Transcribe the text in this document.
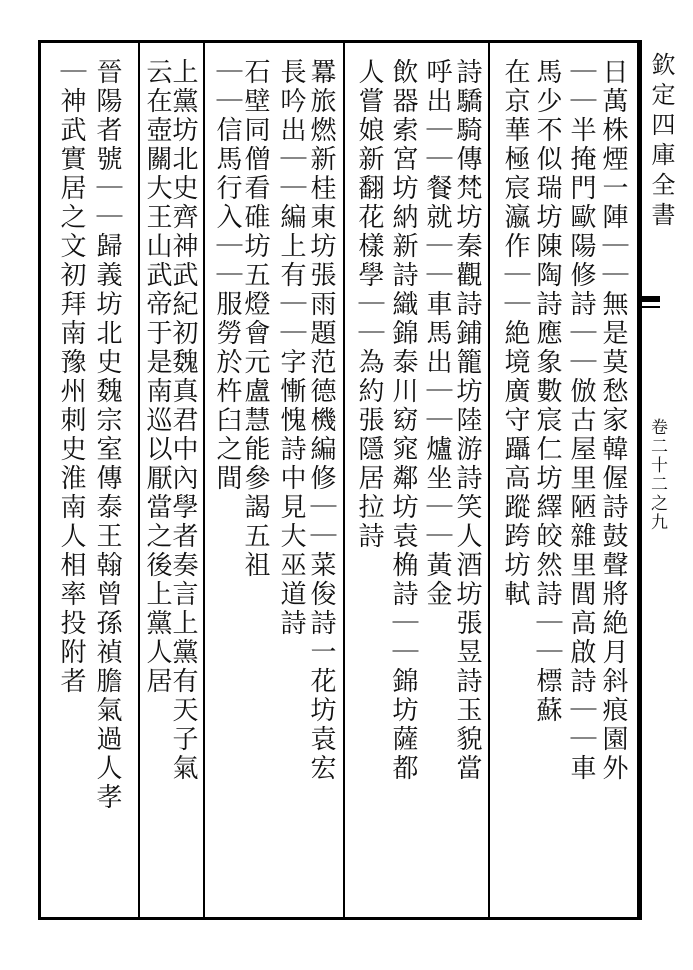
欽定四庫全書
卷二十二之九
日萬株煙一陣｜｜無是莫愁家韓偓詩鼓聲將絶月斜痕園外
｜｜半掩門歐陽修詩｜｜倣古屋里陋雜里閭高啟詩｜｜車
馬少不似瑞坊陳陶詩應象數宸仁坊繹皎然詩｜｜標蘇
在京華極宸瀛作｜｜絶境廣守躡高蹤跨坊軾
詩驕騎傳梵坊秦觀詩鋪籠坊陸游詩笑人酒坊張昱詩玉貌當
呼出｜｜餐就｜｜車馬出｜｜爐坐｜｜黃金
飲器索宮坊納新詩織錦泰川窈窕鄰坊袁桷詩｜｜錦坊薩都
人嘗娘新翻花樣學｜｜為約張隱居拉詩
羃旅燃新桂東坊張雨題范德機編修｜｜菜俊詩一花坊袁宏
長吟出｜｜編上有｜｜字慚愧詩中見大巫道詩
石壁同僧看碓坊五燈會元盧慧能參謁五祖
｜｜信馬行入｜｜服勞於杵臼之間
上黨坊北史齊神武紀初魏真君中內學者奏言上黨有天子氣
云在壺關大王山武帝于是南巡以厭當之後上黨人居
晉陽者號｜｜歸義坊北史魏宗室傳泰王翰曾孫禎膽氣過人孝
｜神武實居之文初拜南豫州刺史淮南人相率投附者
